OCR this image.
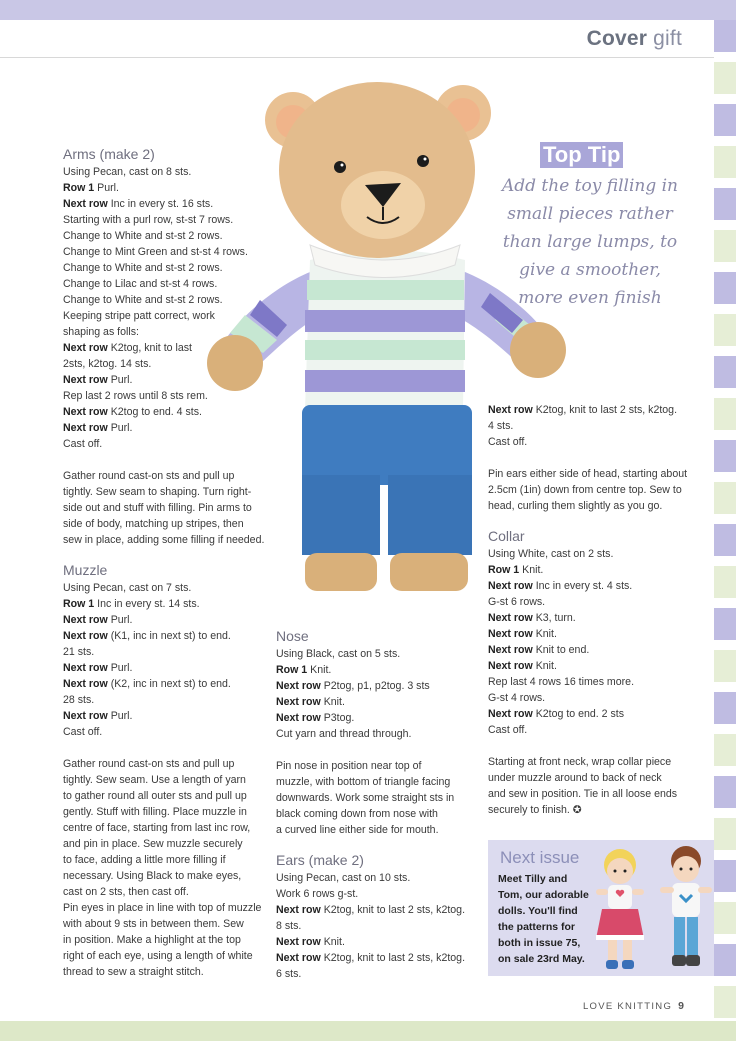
Cover gift

Arms (make 2)

Using Pecan, cast on 8 sts.

Row 1 Purl.

Next row Inc in every st. 16 sts.

Starting with a purl row, st-st 7 rows.

Change to White and st-st 2 rows.

Change to Mint Green and st-st 4 rows.

Change to White and st-st 2 rows.

Change to Lilac and st-st 4 rows.

Change to White and st-st 2 rows.

Keeping stripe patt correct, work

shaping as folls:

Next row K2tog, knit to last

2sts, k2tog. 14 sts.

Next row Purl.

Rep last 2 rows until 8 sts rem.

Next row K2tog to end. 4 sts.

Next row Purl.

Cast off.

Gather round cast-on sts and pull up
tightly. Sew seam to shaping. Turn right-
side out and stuff with filling. Pin arms to
side of body, matching up stripes, then
sew in place, adding some filling if needed.

Muzzle

Using Pecan, cast on 7 sts.

Row 1 Inc in every st. 14 sts.

Next row Purl.

Next row (K1, inc in next st) to end.

21 sts.

Next row Purl.

Next row (K2, inc in next st) to end.

28 sts.

Next row Purl.

Cast off.

Gather round cast-on sts and pull up
tightly. Sew seam. Use a length of yarn
to gather round all outer sts and pull up
gently. Stuff with filling. Place muzzle in
centre of face, starting from last inc row,
and pin in place. Sew muzzle securely
to face, adding a little more filling if
necessary. Using Black to make eyes,
cast on 2 sts, then cast off.
Pin eyes in place in line with top of muzzle
with about 9 sts in between them. Sew
in position. Make a highlight at the top
right of each eye, using a length of white
thread to sew a straight stitch.

Nose

Using Black, cast on 5 sts.

Row 1 Knit.

Next row P2tog, p1, p2tog. 3 sts

Next row Knit.

Next row P3tog.

Cut yarn and thread through.

Pin nose in position near top of
muzzle, with bottom of triangle facing
downwards. Work some straight sts in
black coming down from nose with
a curved line either side for mouth.

Ears (make 2)

Using Pecan, cast on 10 sts.

Work 6 rows g-st.

Next row K2tog, knit to last 2 sts, k2tog.

8 sts.

Next row Knit.

Next row K2tog, knit to last 2 sts, k2tog.

6 sts.

Next row K2tog, knit to last 2 sts, k2tog.

4 sts.

Cast off.

Pin ears either side of head, starting about
2.5cm (1in) down from centre top. Sew to
head, curling them slightly as you go.

Collar

Using White, cast on 2 sts.

Row 1 Knit.

Next row Inc in every st. 4 sts.

G-st 6 rows.

Next row K3, turn.

Next row Knit.

Next row Knit to end.

Next row Knit.

Rep last 4 rows 16 times more.

G-st 4 rows.

Next row K2tog to end. 2 sts

Cast off.

Starting at front neck, wrap collar piece
under muzzle around to back of neck
and sew in position. Tie in all loose ends
securely to finish. ✪
Top Tip
Add the toy filling in
small pieces rather
than large lumps, to
give a smoother,
more even finish
Next issue
Meet Tilly and
Tom, our adorable
dolls. You'll find
the patterns for
both in issue 75,
on sale 23rd May.
LOVE KNITTING 9
